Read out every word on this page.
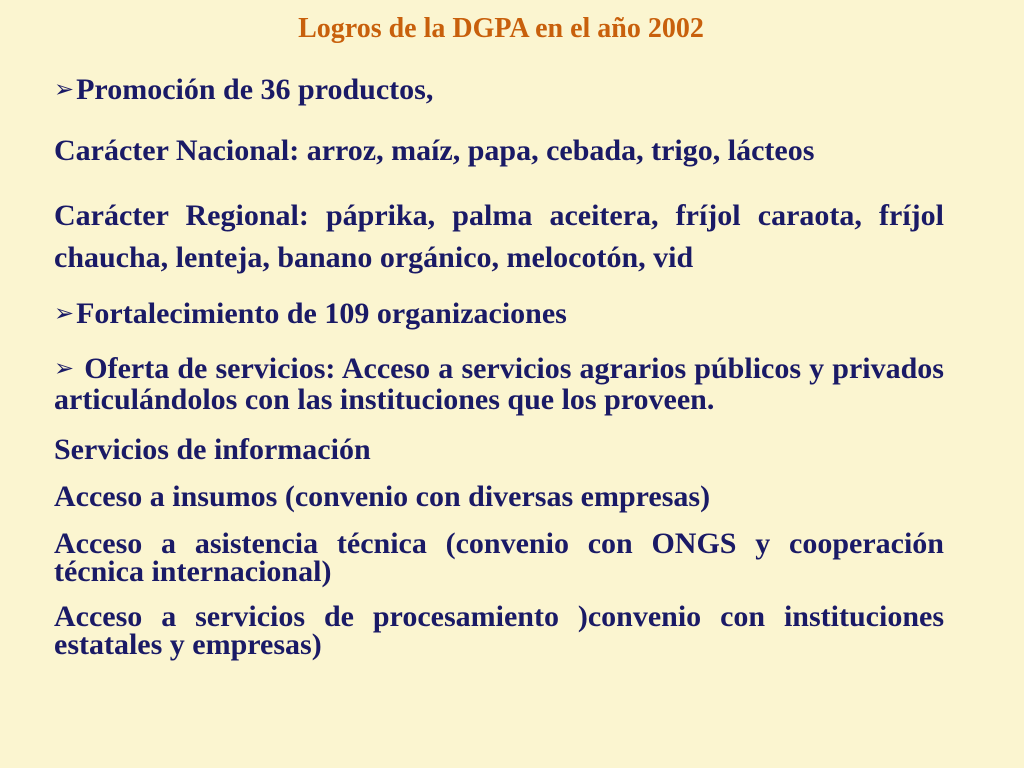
Logros de la DGPA en el año 2002
➢Promoción de 36 productos,
Carácter Nacional: arroz, maíz, papa, cebada, trigo, lácteos
Carácter Regional: páprika, palma aceitera, fríjol caraota, fríjol chaucha, lenteja, banano orgánico, melocotón, vid
➢Fortalecimiento de 109 organizaciones
➢ Oferta de servicios: Acceso a servicios agrarios públicos y privados articulándolos con las instituciones que los proveen.
Servicios de información
Acceso a insumos (convenio con diversas empresas)
Acceso a asistencia técnica (convenio con ONGS y cooperación técnica internacional)
Acceso a servicios de procesamiento )convenio con instituciones estatales y empresas)
